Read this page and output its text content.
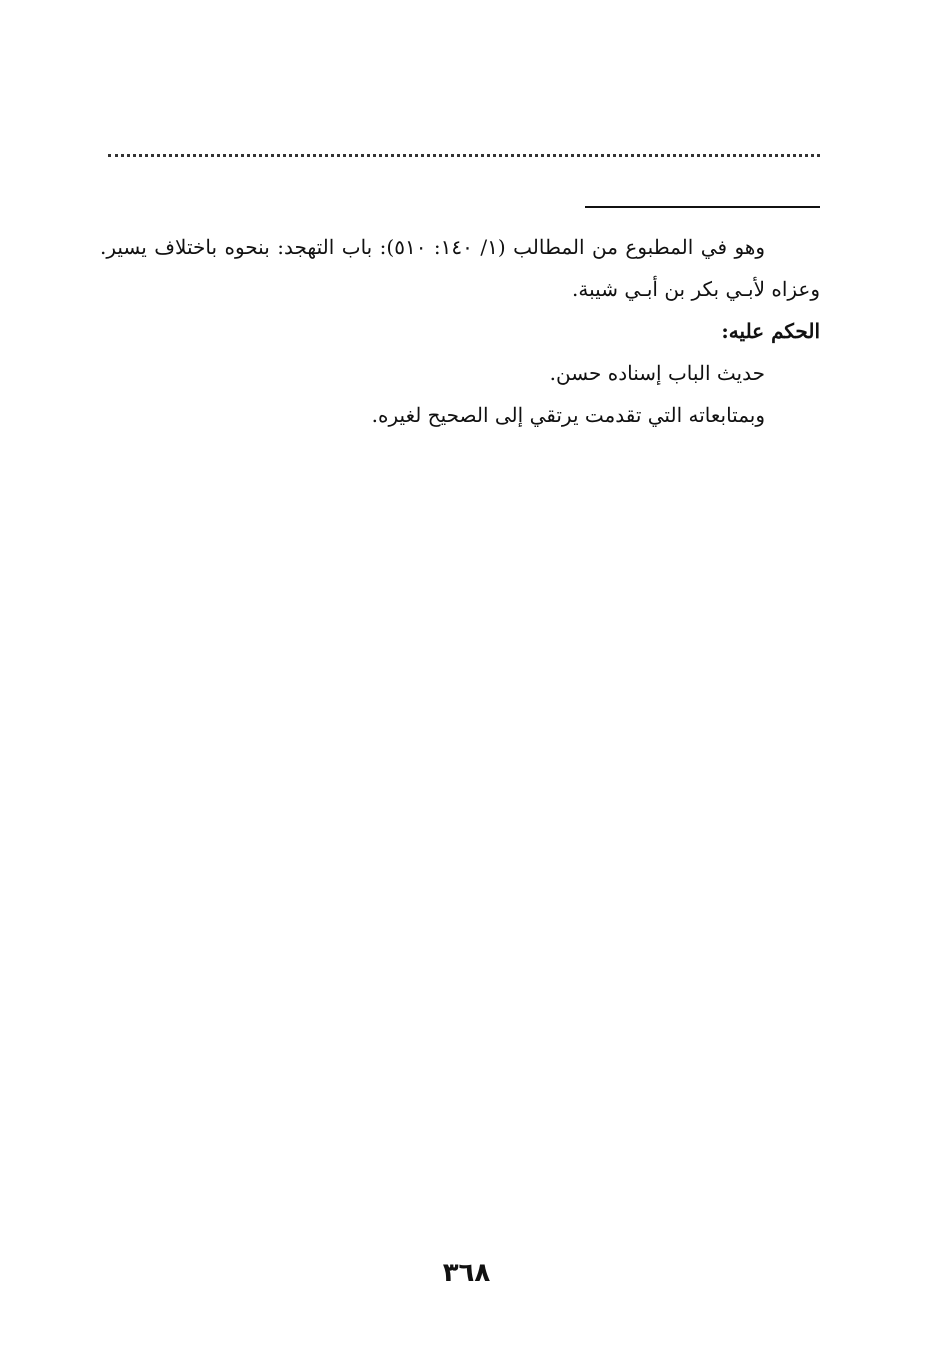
وهو في المطبوع من المطالب (١/ ١٤٠: ٥١٠): باب التهجد: بنحوه باختلاف يسير. وعزاه لأبـي بكر بن أبـي شيبة.

الحكم عليه:

حديث الباب إسناده حسن.

وبمتابعاته التي تقدمت يرتقي إلى الصحيح لغيره.

٣٦٨
